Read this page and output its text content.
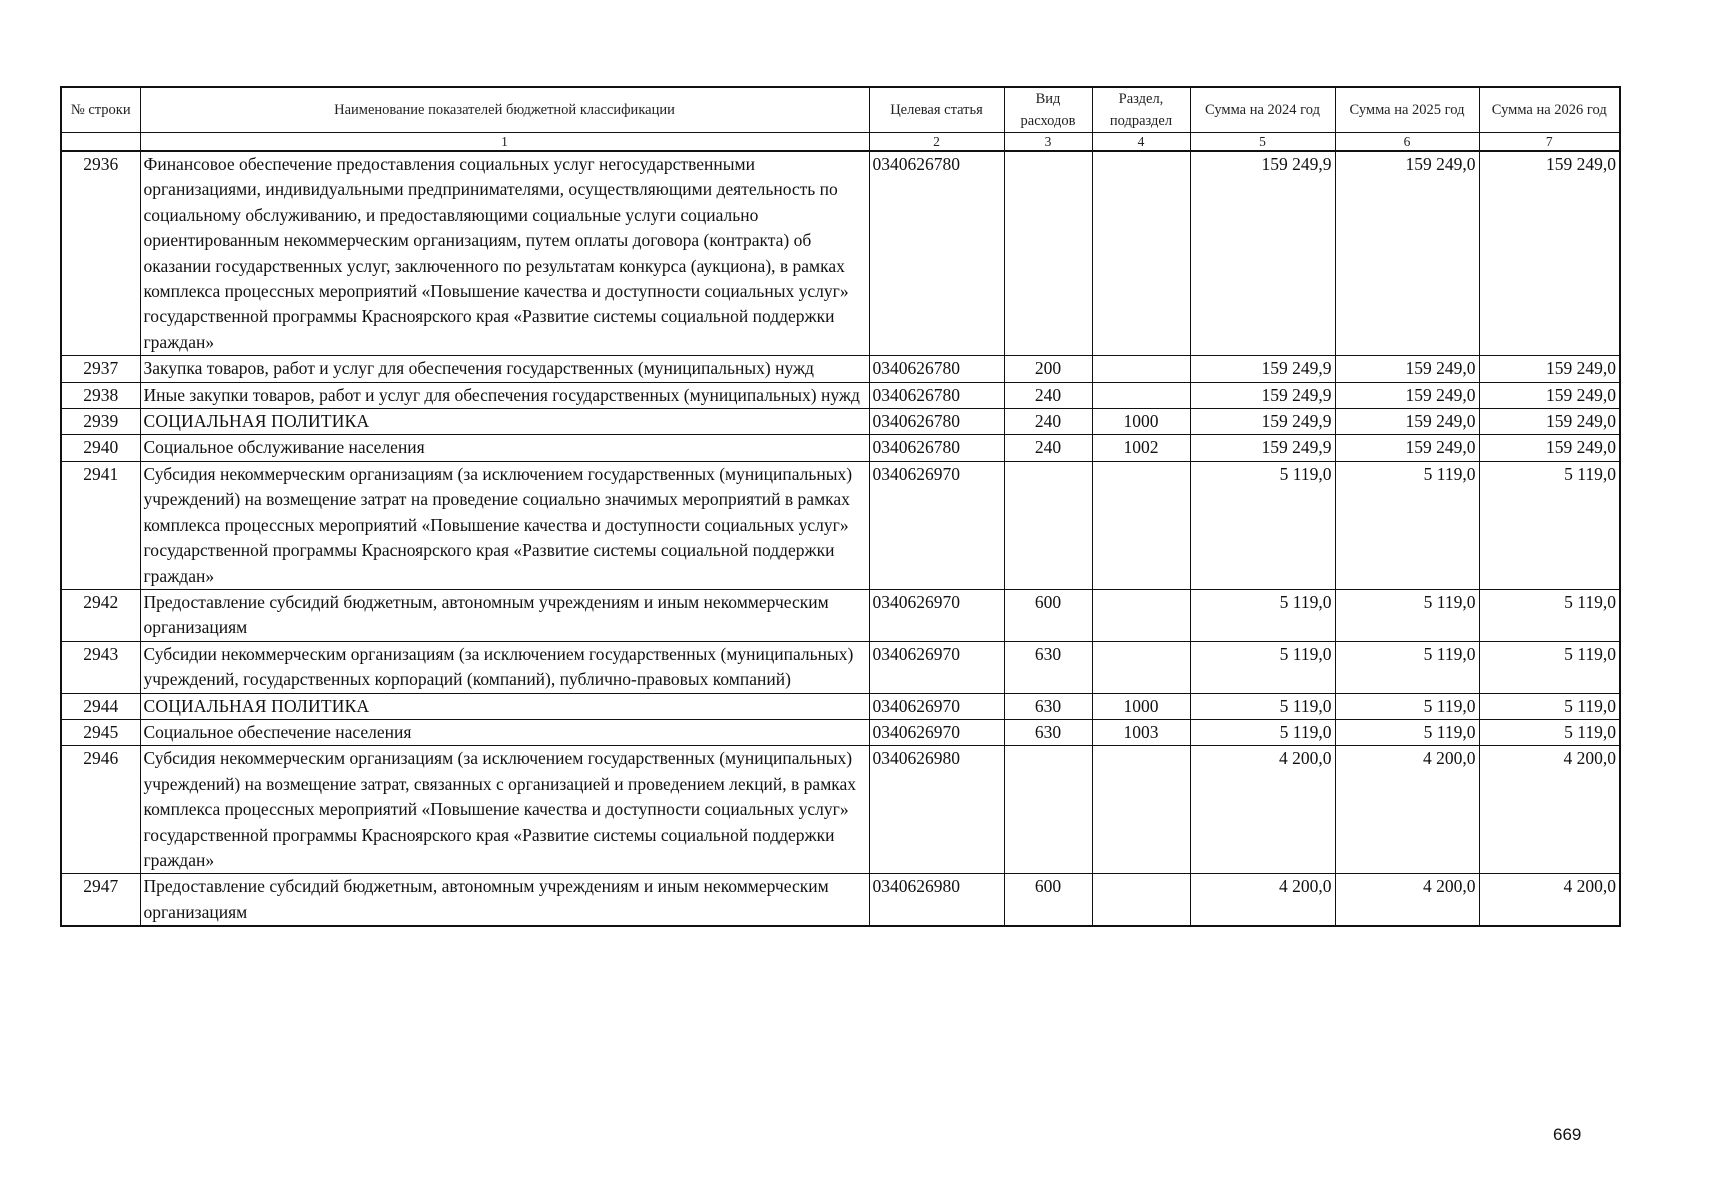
№ строки	Наименование показателей бюджетной классификации	Целевая статья	Вид расходов	Раздел, подраздел	Сумма на 2024 год	Сумма на 2025 год	Сумма на 2026 год
	1	2	3	4	5	6	7
2936	Финансовое обеспечение предоставления социальных услуг негосударственными организациями, индивидуальными предпринимателями, осуществляющими деятельность по социальному обслуживанию, и предоставляющими социальные услуги социально ориентированным некоммерческим организациям, путем оплаты договора (контракта) об оказании государственных услуг, заключенного по результатам конкурса (аукциона), в рамках комплекса процессных мероприятий «Повышение качества и доступности социальных услуг» государственной программы Красноярского края «Развитие системы социальной поддержки граждан»	0340626780			159 249,9	159 249,0	159 249,0
2937	Закупка товаров, работ и услуг для обеспечения государственных (муниципальных) нужд	0340626780	200		159 249,9	159 249,0	159 249,0
2938	Иные закупки товаров, работ и услуг для обеспечения государственных (муниципальных) нужд	0340626780	240		159 249,9	159 249,0	159 249,0
2939	СОЦИАЛЬНАЯ ПОЛИТИКА	0340626780	240	1000	159 249,9	159 249,0	159 249,0
2940	Социальное обслуживание населения	0340626780	240	1002	159 249,9	159 249,0	159 249,0
2941	Субсидия некоммерческим организациям (за исключением государственных (муниципальных) учреждений) на возмещение затрат на проведение социально значимых мероприятий в рамках комплекса процессных мероприятий «Повышение качества и доступности социальных услуг» государственной программы Красноярского края «Развитие системы социальной поддержки граждан»	0340626970			5 119,0	5 119,0	5 119,0
2942	Предоставление субсидий бюджетным, автономным учреждениям и иным некоммерческим организациям	0340626970	600		5 119,0	5 119,0	5 119,0
2943	Субсидии некоммерческим организациям (за исключением государственных (муниципальных) учреждений, государственных корпораций (компаний), публично-правовых компаний)	0340626970	630		5 119,0	5 119,0	5 119,0
2944	СОЦИАЛЬНАЯ ПОЛИТИКА	0340626970	630	1000	5 119,0	5 119,0	5 119,0
2945	Социальное обеспечение населения	0340626970	630	1003	5 119,0	5 119,0	5 119,0
2946	Субсидия некоммерческим организациям (за исключением государственных (муниципальных) учреждений) на возмещение затрат, связанных с организацией и проведением лекций, в рамках комплекса процессных мероприятий «Повышение качества и доступности социальных услуг» государственной программы Красноярского края «Развитие системы социальной поддержки граждан»	0340626980			4 200,0	4 200,0	4 200,0
2947	Предоставление субсидий бюджетным, автономным учреждениям и иным некоммерческим организациям	0340626980	600		4 200,0	4 200,0	4 200,0
669
